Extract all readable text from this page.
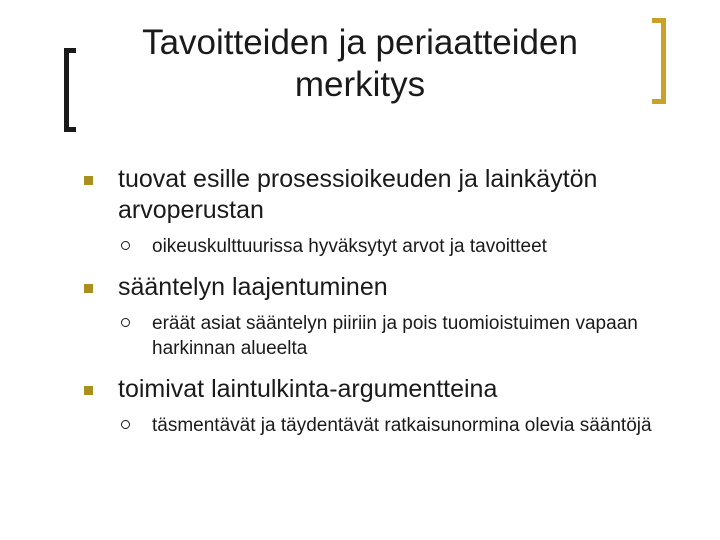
Tavoitteiden ja periaatteiden merkitys
tuovat esille prosessioikeuden ja lainkäytön arvoperustan
oikeuskulttuurissa hyväksytyt arvot ja tavoitteet
sääntelyn laajentuminen
eräät asiat sääntelyn piiriin ja pois tuomioistuimen vapaan harkinnan alueelta
toimivat laintulkinta-argumentteina
täsmentävät ja täydentävät ratkaisunormina olevia sääntöjä
